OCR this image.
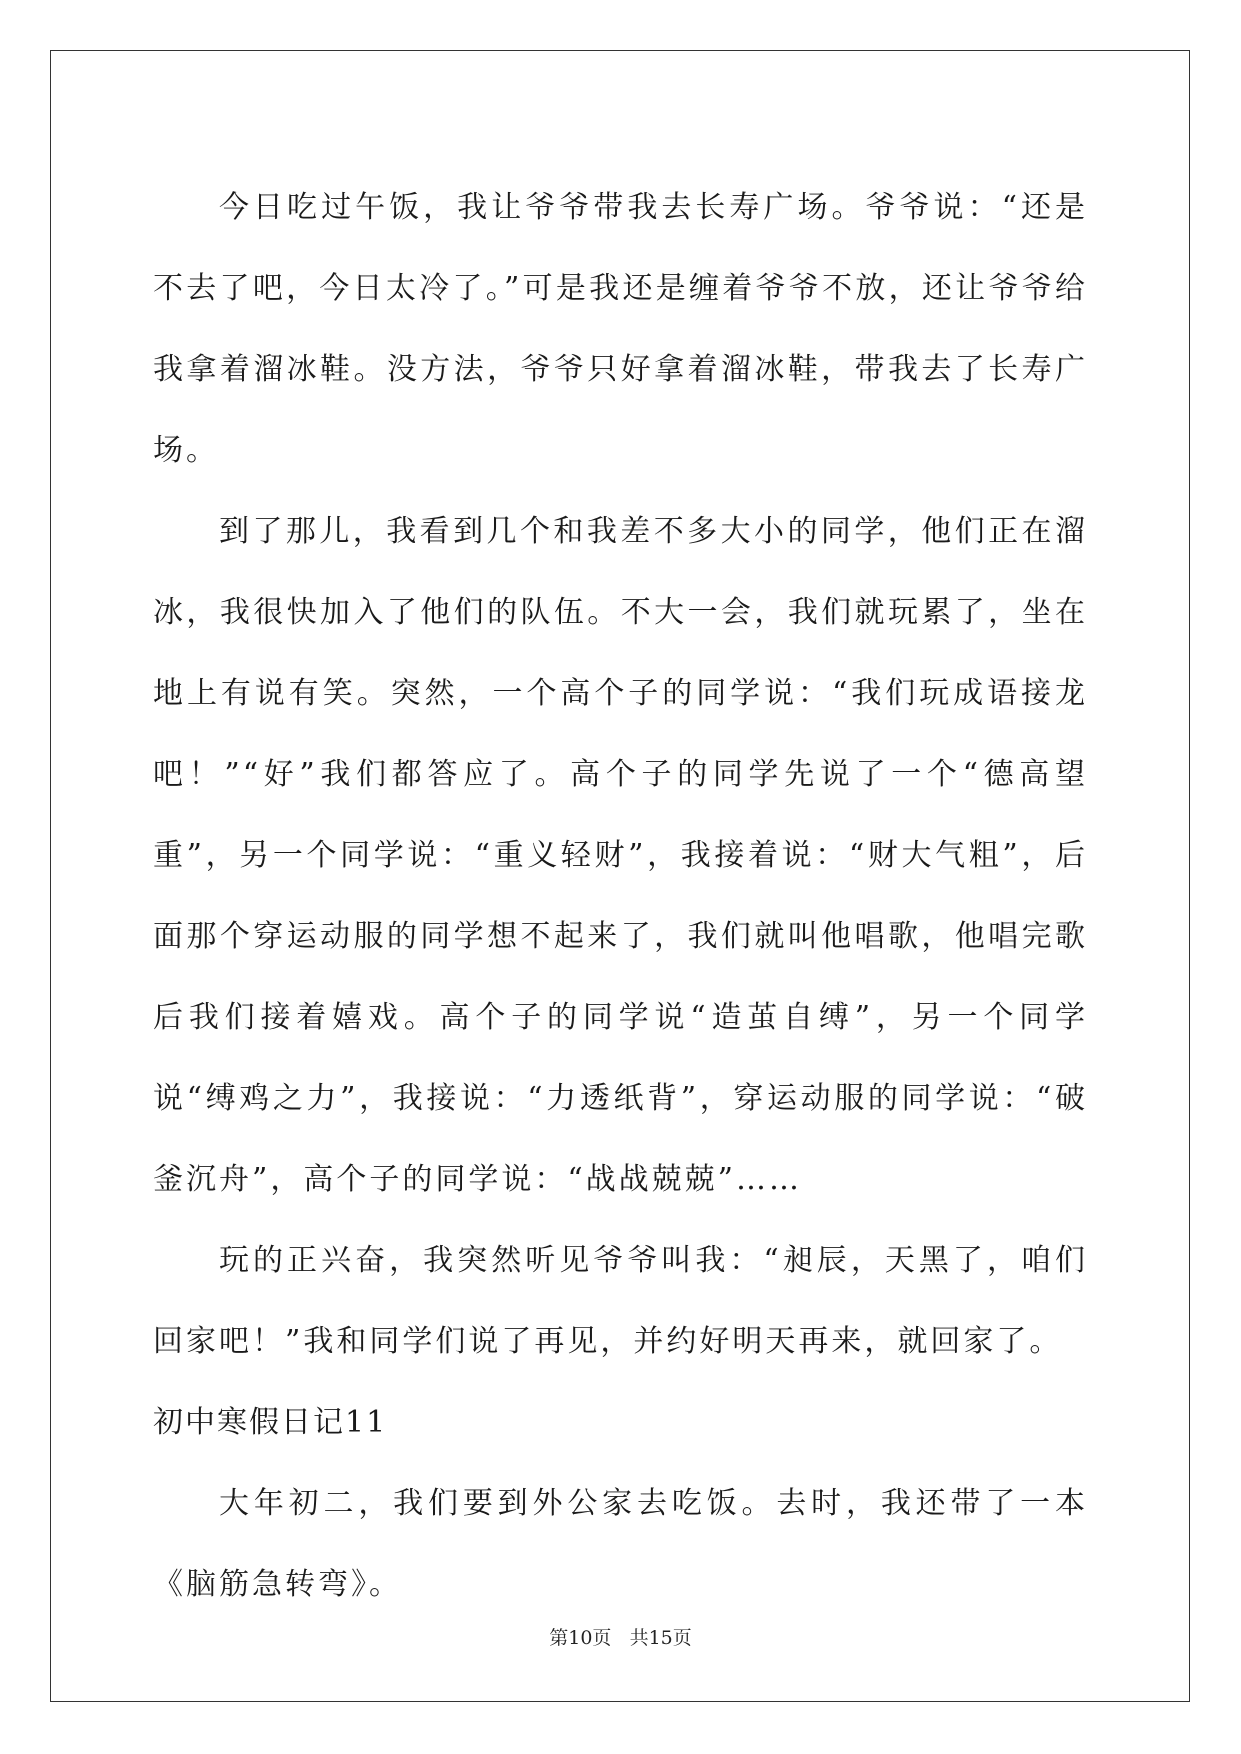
今日吃过午饭，我让爷爷带我去长寿广场。爷爷说：“还是不去了吧，今日太冷了。”可是我还是缠着爷爷不放，还让爷爷给我拿着溜冰鞋。没方法，爷爷只好拿着溜冰鞋，带我去了长寿广场。

到了那儿，我看到几个和我差不多大小的同学，他们正在溜冰，我很快加入了他们的队伍。不大一会，我们就玩累了，坐在地上有说有笑。突然，一个高个子的同学说：“我们玩成语接龙吧！”“好”我们都答应了。高个子的同学先说了一个“德高望重”，另一个同学说：“重义轻财”，我接着说：“财大气粗”，后面那个穿运动服的同学想不起来了，我们就叫他唱歌，他唱完歌后我们接着嬉戏。高个子的同学说“造茧自缚”，另一个同学说“缚鸡之力”，我接说：“力透纸背”，穿运动服的同学说：“破釜沉舟”，高个子的同学说：“战战兢兢”……

玩的正兴奋，我突然听见爷爷叫我：“昶辰，天黑了，咱们回家吧！”我和同学们说了再见，并约好明天再来，就回家了。

初中寒假日记11

大年初二，我们要到外公家去吃饭。去时，我还带了一本《脑筋急转弯》。

第10页 共15页
